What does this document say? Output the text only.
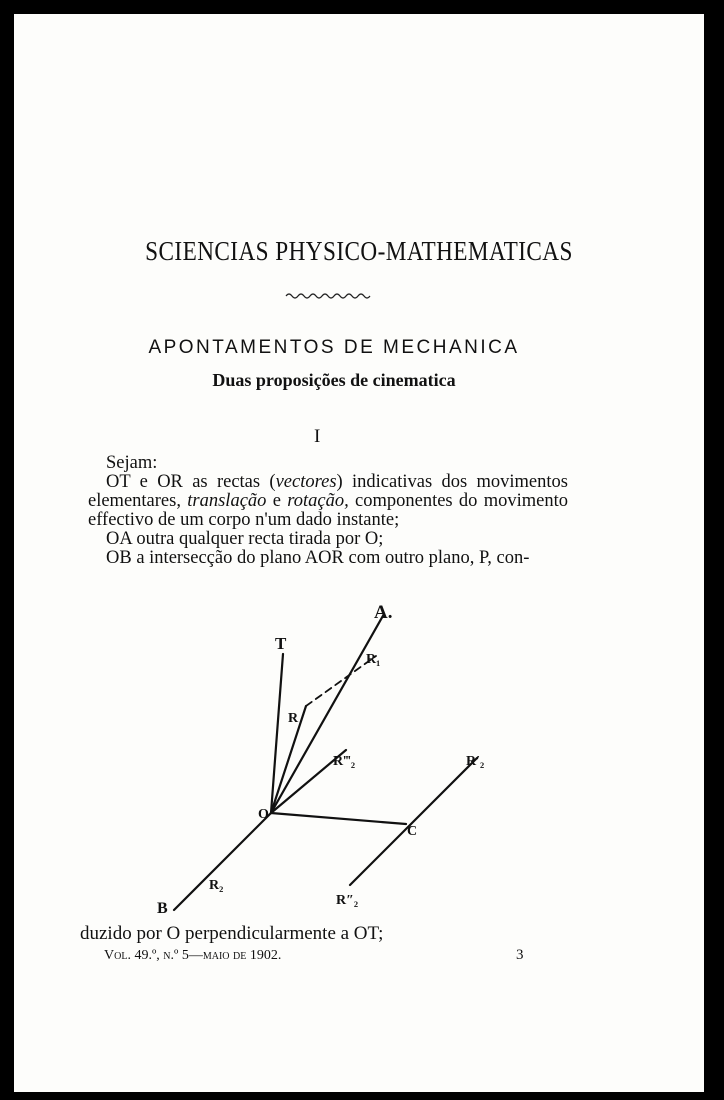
SCIENCIAS PHYSICO-MATHEMATICAS
APONTAMENTOS DE MECHANICA
Duas proposições de cinematica
I
Sejam:
OT e OR as rectas (vectores) indicativas dos movimentos
elementares, translação e rotação, componentes do movimento
effectivo de um corpo n'um dado instante;
OA outra qualquer recta tirada por O;
OB a intersecção do plano AOR com outro plano, P, con-
A.
T
R₁
R
R‴₂	R′₂
O
C
R₂
B	R″₂
duzido por O perpendicularmente a OT;
Vol. 49.º, n.º 5—maio de 1902.	3
